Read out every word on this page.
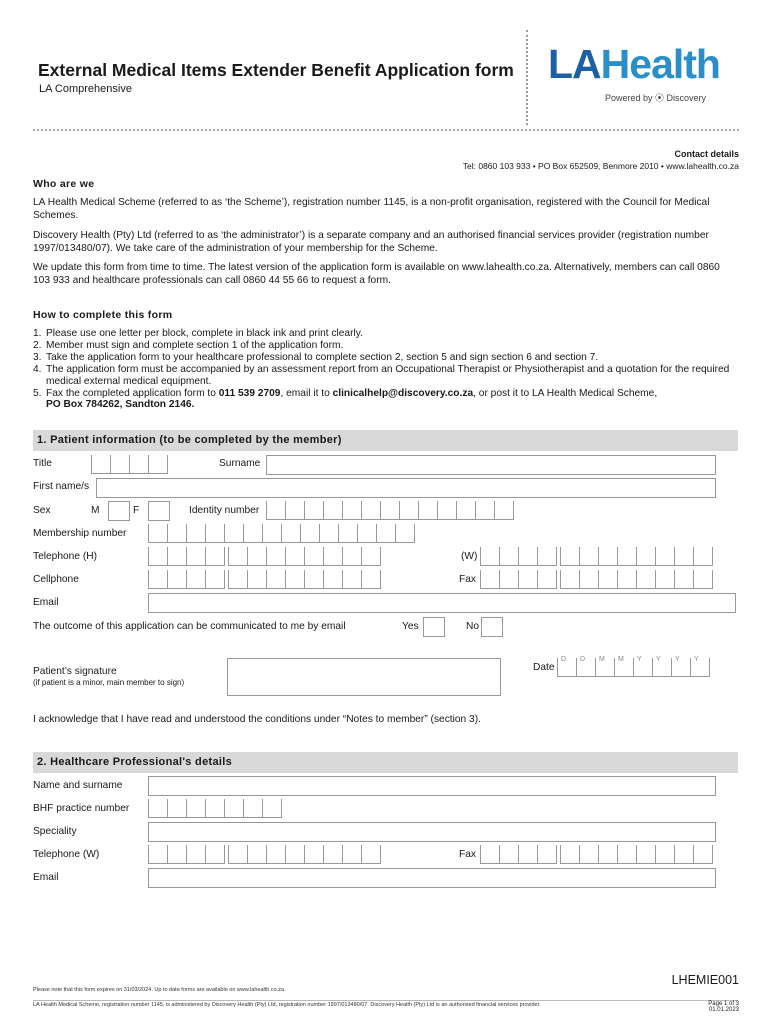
External Medical Items Extender Benefit Application form
LA Comprehensive
LAHealth
Powered by ⦿ Discovery
Contact details
Tel: 0860 103 933 • PO Box 652509, Benmore 2010 • www.lahealth.co.za
Who are we
LA Health Medical Scheme (referred to as ‘the Scheme’), registration number 1145, is a non-profit organisation, registered with the Council for Medical Schemes.
Discovery Health (Pty) Ltd (referred to as ‘the administrator’) is a separate company and an authorised financial services provider (registration number 1997/013480/07). We take care of the administration of your membership for the Scheme.
We update this form from time to time. The latest version of the application form is available on www.lahealth.co.za. Alternatively, members can call 0860 103 933 and healthcare professionals can call 0860 44 55 66 to request a form.
How to complete this form
1. Please use one letter per block, complete in black ink and print clearly.
2. Member must sign and complete section 1 of the application form.
3. Take the application form to your healthcare professional to complete section 2, section 5 and sign section 6 and section 7.
4. The application form must be accompanied by an assessment report from an Occupational Therapist or Physiotherapist and a quotation for the required medical external medical equipment.
5. Fax the completed application form to 011 539 2709, email it to clinicalhelp@discovery.co.za, or post it to LA Health Medical Scheme,
PO Box 784262, Sandton 2146.
1. Patient information (to be completed by the member)
Title	Surname
First name/s
Sex	M	F	Identity number
Membership number
Telephone (H)	(W)
Cellphone	Fax
Email
The outcome of this application can be communicated to me by email	Yes	No
Patient’s signature
(if patient is a minor, main member to sign)
Date
D D M M Y Y Y Y
I acknowledge that I have read and understood the conditions under “Notes to member” (section 3).
2. Healthcare Professional's details
Name and surname
BHF practice number
Speciality
Telephone (W)	Fax
Email
LHEMIE001
Please note that this form expires on 31/03/2024. Up to date forms are available on www.lahealth.co.za.
LA Health Medical Scheme, registration number 1145, is administered by Discovery Health (Pty) Ltd, registration number 1997/013480/07. Discovery Health (Pty) Ltd is an authorised financial services provider.	Page 1 of 3
01.01.2023
